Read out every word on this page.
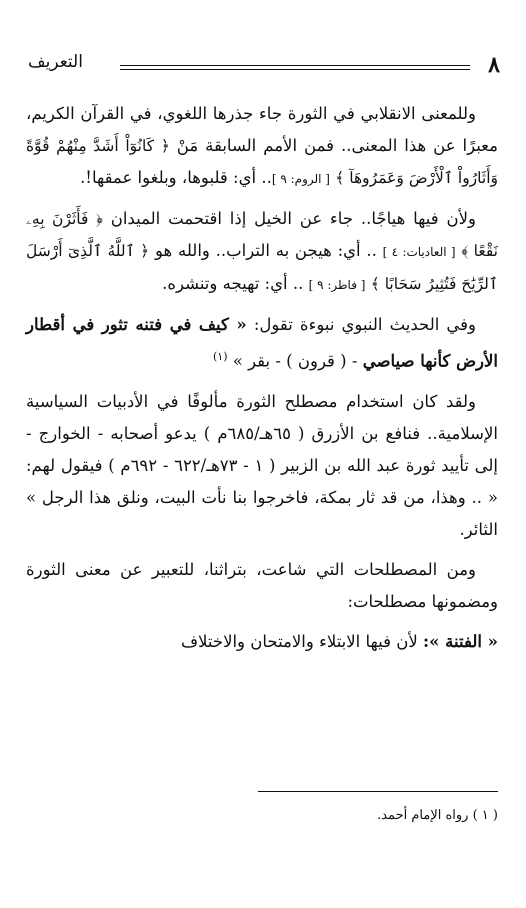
٨
التعريف

وللمعنى الانقلابي في الثورة جاء جذرها اللغوي، في القرآن الكريم، معبرًا عن هذا المعنى.. فمن الأمم السابقة مَنْ ﴿ كَانُوٓاْ أَشَدَّ مِنْهُمْ قُوَّةً وَأَثَارُواْ ٱلْأَرْضَ وَعَمَرُوهَآ ﴾ [ الروم: ٩ ].. أي: قلبوها، وبلغوا عمقها!.

ولأن فيها هياجًا.. جاء عن الخيل إذا اقتحمت الميدان ﴿ فَأَثَرْنَ بِهِۦ نَقْعًا ﴾ [ العاديات: ٤ ] .. أي: هيجن به التراب.. والله هو ﴿ ٱللَّهُ ٱلَّذِىٓ أَرْسَلَ ٱلرِّيَٰحَ فَتُثِيرُ سَحَابًا ﴾ [ فاطر: ٩ ] .. أي: تهيجه وتنشره.

وفي الحديث النبوي نبوءة تقول: « كيف في فتنه تثور في أقطار الأرض كأنها صياصي - ( قرون ) - بقر » $^{(١)}$

ولقد كان استخدام مصطلح الثورة مألوفًا في الأدبيات السياسية الإسلامية.. فنافع بن الأزرق ( ٦٥هـ/٦٨٥م ) يدعو أصحابه - الخوارج - إلى تأييد ثورة عبد الله بن الزبير ( ١ - ٧٣هـ/٦٢٢ - ٦٩٢م ) فيقول لهم: « .. وهذا، من قد ثار بمكة، فاخرجوا بنا نأت البيت، ونلق هذا الرجل » الثائر.

ومن المصطلحات التي شاعت، بتراثنا، للتعبير عن معنى الثورة ومضمونها مصطلحات:

« الفتنة »: لأن فيها الابتلاء والامتحان والاختلاف

( ١ ) رواه الإمام أحمد.
